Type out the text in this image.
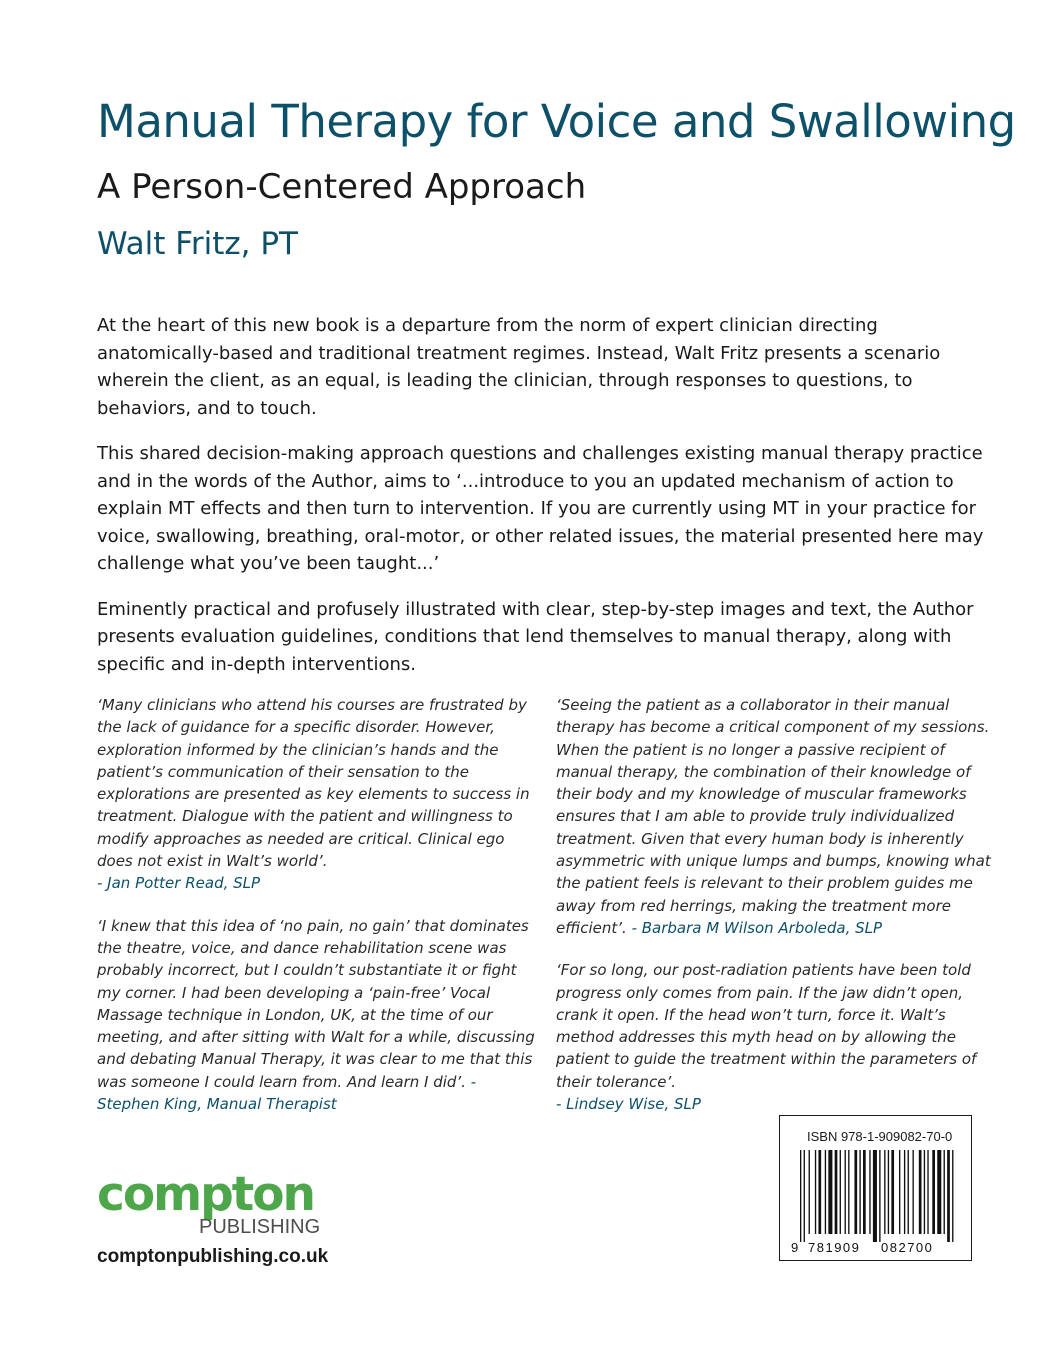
Manual Therapy for Voice and Swallowing
A Person-Centered Approach
Walt Fritz, PT

At the heart of this new book is a departure from the norm of expert clinician directing anatomically-based and traditional treatment regimes. Instead, Walt Fritz presents a scenario wherein the client, as an equal, is leading the clinician, through responses to questions, to behaviors, and to touch.

This shared decision-making approach questions and challenges existing manual therapy practice and in the words of the Author, aims to ‘...introduce to you an updated mechanism of action to explain MT effects and then turn to intervention. If you are currently using MT in your practice for voice, swallowing, breathing, oral-motor, or other related issues, the material presented here may challenge what you’ve been taught...’

Eminently practical and profusely illustrated with clear, step-by-step images and text, the Author presents evaluation guidelines, conditions that lend themselves to manual therapy, along with specific and in-depth interventions.

‘Many clinicians who attend his courses are frustrated by the lack of guidance for a specific disorder. However, exploration informed by the clinician’s hands and the patient’s communication of their sensation to the explorations are presented as key elements to success in treatment. Dialogue with the patient and willingness to modify approaches as needed are critical. Clinical ego does not exist in Walt’s world’.
- Jan Potter Read, SLP

‘I knew that this idea of ‘no pain, no gain’ that dominates the theatre, voice, and dance rehabilitation scene was probably incorrect, but I couldn’t substantiate it or fight my corner. I had been developing a ‘pain-free’ Vocal Massage technique in London, UK, at the time of our meeting, and after sitting with Walt for a while, discussing and debating Manual Therapy, it was clear to me that this was someone I could learn from. And learn I did’. - Stephen King, Manual Therapist

‘Seeing the patient as a collaborator in their manual therapy has become a critical component of my sessions. When the patient is no longer a passive recipient of manual therapy, the combination of their knowledge of their body and my knowledge of muscular frameworks ensures that I am able to provide truly individualized treatment. Given that every human body is inherently asymmetric with unique lumps and bumps, knowing what the patient feels is relevant to their problem guides me away from red herrings, making the treatment more efficient’. - Barbara M Wilson Arboleda, SLP

‘For so long, our post-radiation patients have been told progress only comes from pain. If the jaw didn’t open, crank it open. If the head won’t turn, force it. Walt’s method addresses this myth head on by allowing the patient to guide the treatment within the parameters of their tolerance’.
- Lindsey Wise, SLP

compton
PUBLISHING
comptonpublishing.co.uk
ISBN 978-1-909082-70-0
9 781909 082700
